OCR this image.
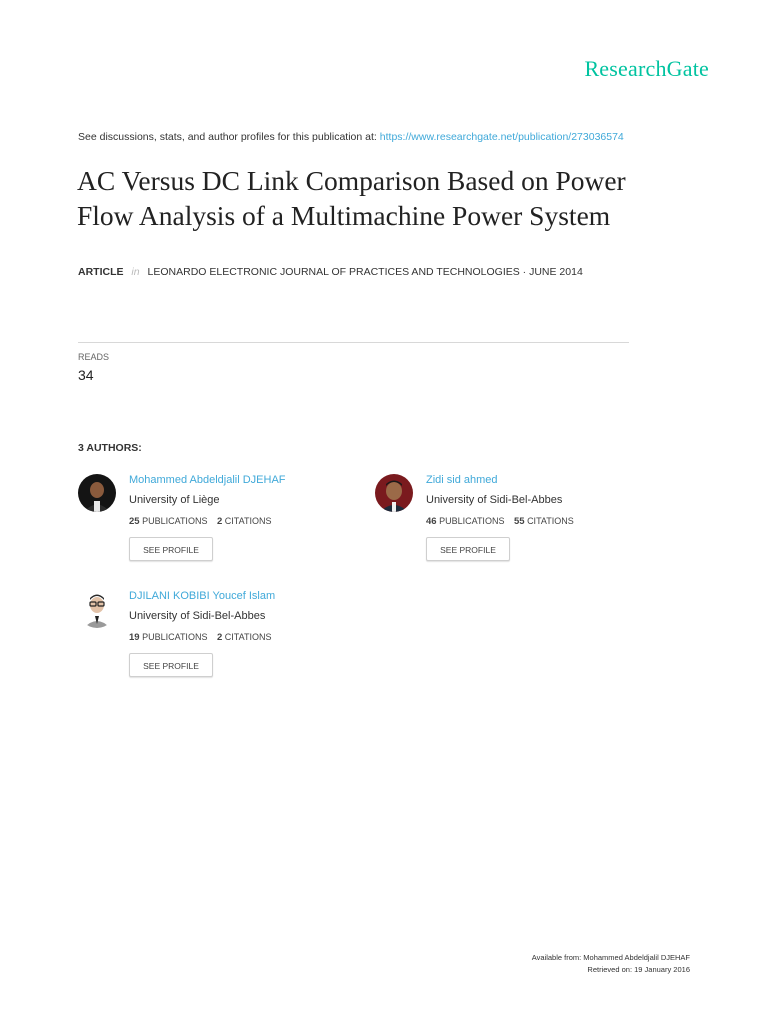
ResearchGate
See discussions, stats, and author profiles for this publication at: https://www.researchgate.net/publication/273036574
AC Versus DC Link Comparison Based on Power
Flow Analysis of a Multimachine Power System
ARTICLE in LEONARDO ELECTRONIC JOURNAL OF PRACTICES AND TECHNOLOGIES · JUNE 2014
READS
34
3 AUTHORS:
Mohammed Abdeldjalil DJEHAF
University of Liège
25 PUBLICATIONS 2 CITATIONS
SEE PROFILE
Zidi sid ahmed
University of Sidi-Bel-Abbes
46 PUBLICATIONS 55 CITATIONS
SEE PROFILE
DJILANI KOBIBI Youcef Islam
University of Sidi-Bel-Abbes
19 PUBLICATIONS 2 CITATIONS
SEE PROFILE
Available from: Mohammed Abdeldjalil DJEHAF
Retrieved on: 19 January 2016
